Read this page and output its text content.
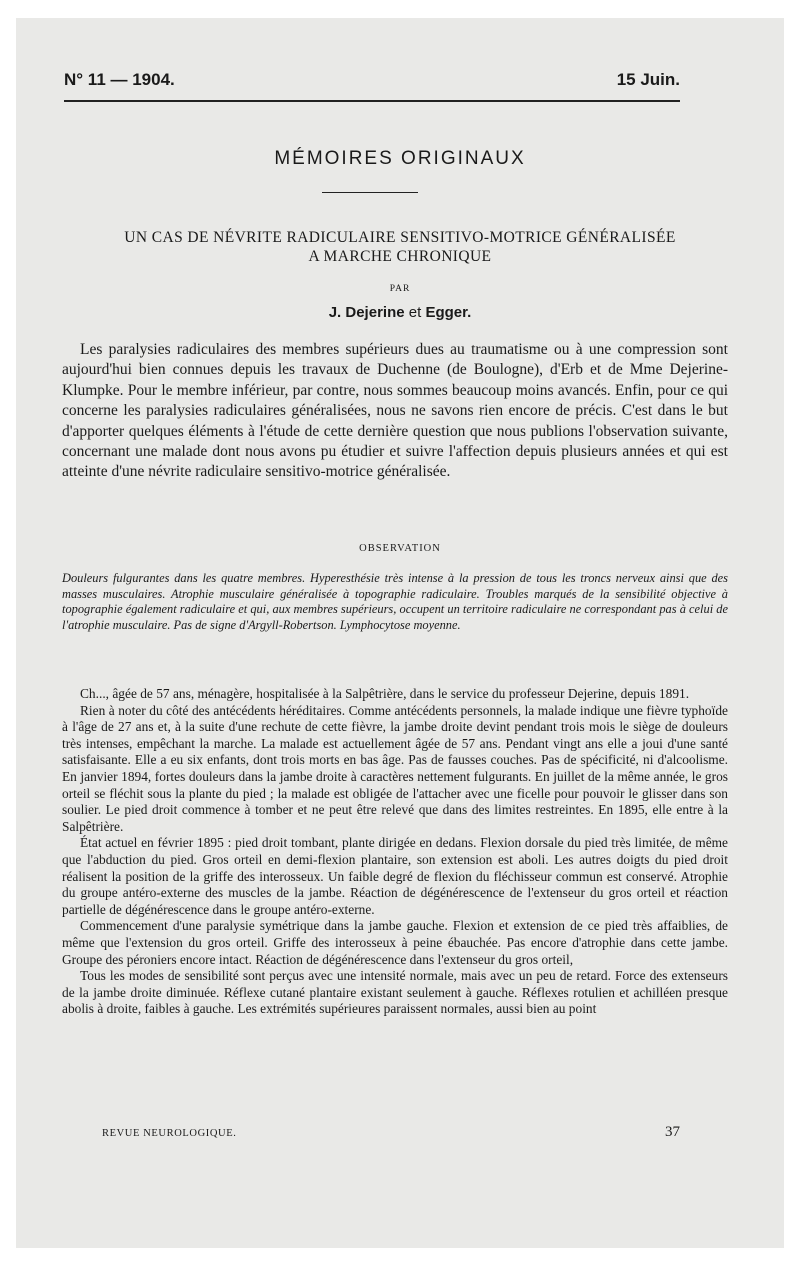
N° 11 — 1904.	15 Juin.
MÉMOIRES ORIGINAUX
UN CAS DE NÉVRITE RADICULAIRE SENSITIVO-MOTRICE GÉNÉRALISÉE
A MARCHE CHRONIQUE
PAR
J. Dejerine et Egger.

Les paralysies radiculaires des membres supérieurs dues au traumatisme ou à une compression sont aujourd'hui bien connues depuis les travaux de Duchenne (de Boulogne), d'Erb et de Mme Dejerine-Klumpke. Pour le membre inférieur, par contre, nous sommes beaucoup moins avancés. Enfin, pour ce qui concerne les paralysies radiculaires généralisées, nous ne savons rien encore de précis. C'est dans le but d'apporter quelques éléments à l'étude de cette dernière question que nous publions l'observation suivante, concernant une malade dont nous avons pu étudier et suivre l'affection depuis plusieurs années et qui est atteinte d'une névrite radiculaire sensitivo-motrice généralisée.

OBSERVATION

Douleurs fulgurantes dans les quatre membres. Hyperesthésie très intense à la pression de tous les troncs nerveux ainsi que des masses musculaires. Atrophie musculaire généralisée à topographie radiculaire. Troubles marqués de la sensibilité objective à topographie également radiculaire et qui, aux membres supérieurs, occupent un territoire radiculaire ne correspondant pas à celui de l'atrophie musculaire. Pas de signe d'Argyll-Robertson. Lymphocytose moyenne.

Ch..., âgée de 57 ans, ménagère, hospitalisée à la Salpêtrière, dans le service du professeur Dejerine, depuis 1891.

Rien à noter du côté des antécédents héréditaires. Comme antécédents personnels, la malade indique une fièvre typhoïde à l'âge de 27 ans et, à la suite d'une rechute de cette fièvre, la jambe droite devint pendant trois mois le siège de douleurs très intenses, empêchant la marche. La malade est actuellement âgée de 57 ans. Pendant vingt ans elle a joui d'une santé satisfaisante. Elle a eu six enfants, dont trois morts en bas âge. Pas de fausses couches. Pas de spécificité, ni d'alcoolisme. En janvier 1894, fortes douleurs dans la jambe droite à caractères nettement fulgurants. En juillet de la même année, le gros orteil se fléchit sous la plante du pied ; la malade est obligée de l'attacher avec une ficelle pour pouvoir le glisser dans son soulier. Le pied droit commence à tomber et ne peut être relevé que dans des limites restreintes. En 1895, elle entre à la Salpêtrière.

État actuel en février 1895 : pied droit tombant, plante dirigée en dedans. Flexion dorsale du pied très limitée, de même que l'abduction du pied. Gros orteil en demi-flexion plantaire, son extension est aboli. Les autres doigts du pied droit réalisent la position de la griffe des interosseux. Un faible degré de flexion du fléchisseur commun est conservé. Atrophie du groupe antéro-externe des muscles de la jambe. Réaction de dégénérescence de l'extenseur du gros orteil et réaction partielle de dégénérescence dans le groupe antéro-externe.

Commencement d'une paralysie symétrique dans la jambe gauche. Flexion et extension de ce pied très affaiblies, de même que l'extension du gros orteil. Griffe des interosseux à peine ébauchée. Pas encore d'atrophie dans cette jambe. Groupe des péroniers encore intact. Réaction de dégénérescence dans l'extenseur du gros orteil,

Tous les modes de sensibilité sont perçus avec une intensité normale, mais avec un peu de retard. Force des extenseurs de la jambe droite diminuée. Réflexe cutané plantaire existant seulement à gauche. Réflexes rotulien et achilléen presque abolis à droite, faibles à gauche. Les extrémités supérieures paraissent normales, aussi bien au point

REVUE NEUROLOGIQUE.	37
